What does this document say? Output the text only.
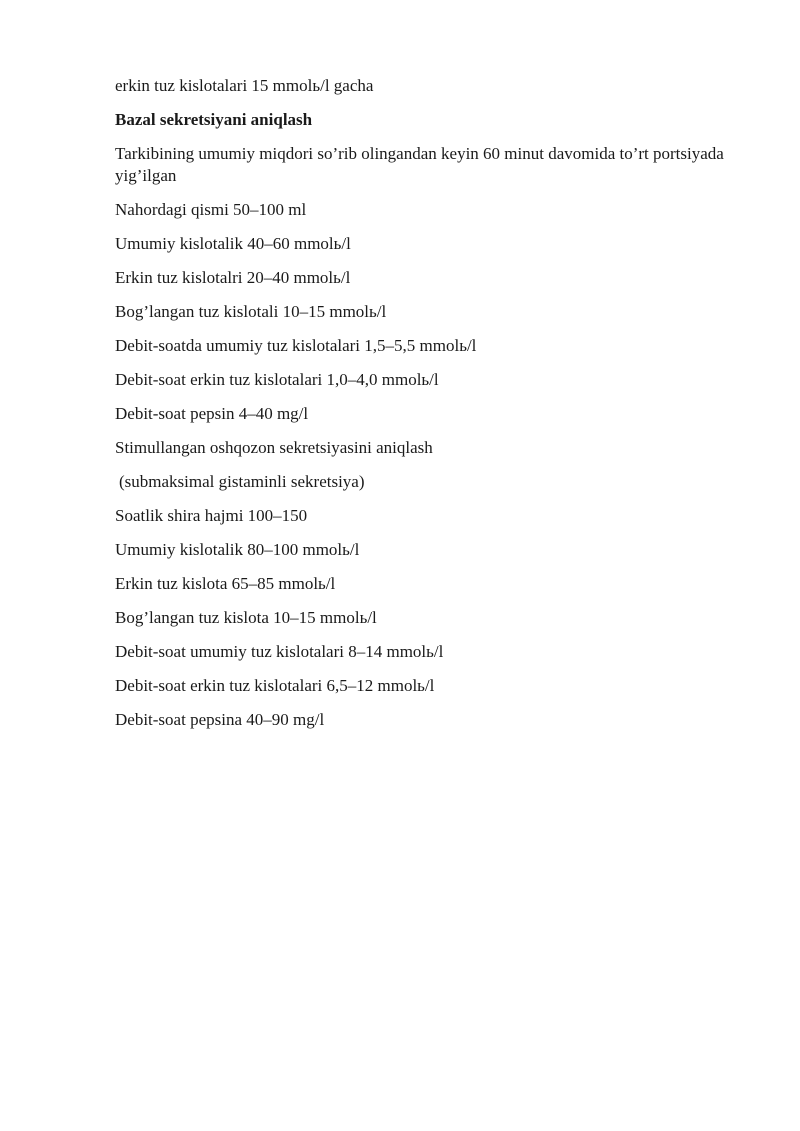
erkin tuz kislotalari 15 mmolь/l gacha
Bazal sekretsiyani aniqlash
Tarkibining umumiy miqdori so’rib olingandan keyin 60 minut davomida to’rt portsiyada yig’ilgan
Nahordagi qismi 50–100 ml
Umumiy kislotalik 40–60 mmolь/l
Erkin tuz kislotalri 20–40 mmolь/l
Bog’langan tuz kislotali 10–15 mmolь/l
Debit-soatda umumiy tuz kislotalari 1,5–5,5 mmolь/l
Debit-soat erkin tuz kislotalari 1,0–4,0 mmolь/l
Debit-soat pepsin 4–40 mg/l
Stimullangan oshqozon sekretsiyasini aniqlash
(submaksimal gistaminli sekretsiya)
Soatlik shira hajmi 100–150
Umumiy kislotalik 80–100 mmolь/l
Erkin tuz kislota 65–85 mmolь/l
Bog’langan tuz kislota 10–15 mmolь/l
Debit-soat umumiy tuz kislotalari 8–14 mmolь/l
Debit-soat erkin tuz kislotalari 6,5–12 mmolь/l
Debit-soat pepsina 40–90 mg/l
